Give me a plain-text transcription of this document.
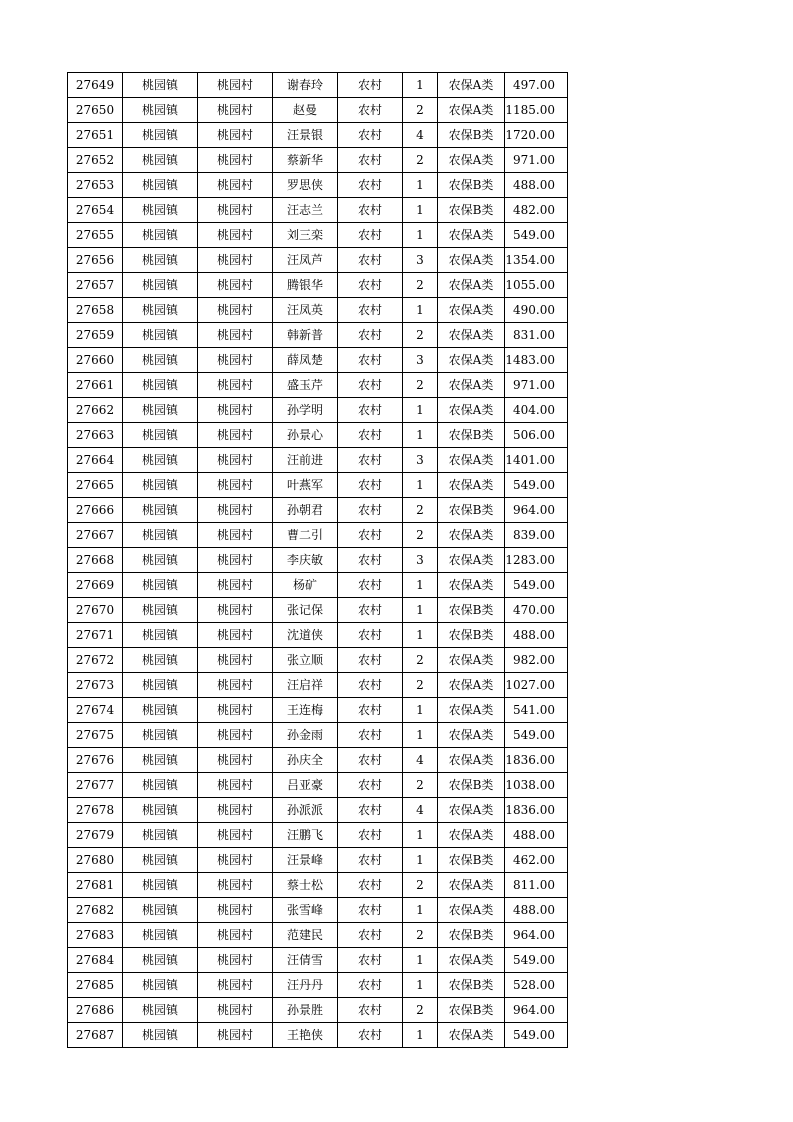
27649	桃园镇	桃园村	谢春玲	农村	1	农保A类	497.00
27650	桃园镇	桃园村	赵曼	农村	2	农保A类	1185.00
27651	桃园镇	桃园村	汪景银	农村	4	农保B类	1720.00
27652	桃园镇	桃园村	蔡新华	农村	2	农保A类	971.00
27653	桃园镇	桃园村	罗思侠	农村	1	农保B类	488.00
27654	桃园镇	桃园村	汪志兰	农村	1	农保B类	482.00
27655	桃园镇	桃园村	刘三栾	农村	1	农保A类	549.00
27656	桃园镇	桃园村	汪凤芦	农村	3	农保A类	1354.00
27657	桃园镇	桃园村	腾银华	农村	2	农保A类	1055.00
27658	桃园镇	桃园村	汪凤英	农村	1	农保A类	490.00
27659	桃园镇	桃园村	韩新普	农村	2	农保A类	831.00
27660	桃园镇	桃园村	薛凤楚	农村	3	农保A类	1483.00
27661	桃园镇	桃园村	盛玉芹	农村	2	农保A类	971.00
27662	桃园镇	桃园村	孙学明	农村	1	农保A类	404.00
27663	桃园镇	桃园村	孙景心	农村	1	农保B类	506.00
27664	桃园镇	桃园村	汪前进	农村	3	农保A类	1401.00
27665	桃园镇	桃园村	叶燕军	农村	1	农保A类	549.00
27666	桃园镇	桃园村	孙朝君	农村	2	农保B类	964.00
27667	桃园镇	桃园村	曹二引	农村	2	农保A类	839.00
27668	桃园镇	桃园村	李庆敏	农村	3	农保A类	1283.00
27669	桃园镇	桃园村	杨矿	农村	1	农保A类	549.00
27670	桃园镇	桃园村	张记保	农村	1	农保B类	470.00
27671	桃园镇	桃园村	沈道侠	农村	1	农保B类	488.00
27672	桃园镇	桃园村	张立顺	农村	2	农保A类	982.00
27673	桃园镇	桃园村	汪启祥	农村	2	农保A类	1027.00
27674	桃园镇	桃园村	王连梅	农村	1	农保A类	541.00
27675	桃园镇	桃园村	孙金雨	农村	1	农保A类	549.00
27676	桃园镇	桃园村	孙庆全	农村	4	农保A类	1836.00
27677	桃园镇	桃园村	吕亚豪	农村	2	农保B类	1038.00
27678	桃园镇	桃园村	孙派派	农村	4	农保A类	1836.00
27679	桃园镇	桃园村	汪鹏飞	农村	1	农保A类	488.00
27680	桃园镇	桃园村	汪景峰	农村	1	农保B类	462.00
27681	桃园镇	桃园村	蔡士松	农村	2	农保A类	811.00
27682	桃园镇	桃园村	张雪峰	农村	1	农保A类	488.00
27683	桃园镇	桃园村	范建民	农村	2	农保B类	964.00
27684	桃园镇	桃园村	汪倩雪	农村	1	农保A类	549.00
27685	桃园镇	桃园村	汪丹丹	农村	1	农保B类	528.00
27686	桃园镇	桃园村	孙景胜	农村	2	农保B类	964.00
27687	桃园镇	桃园村	王艳侠	农村	1	农保A类	549.00
